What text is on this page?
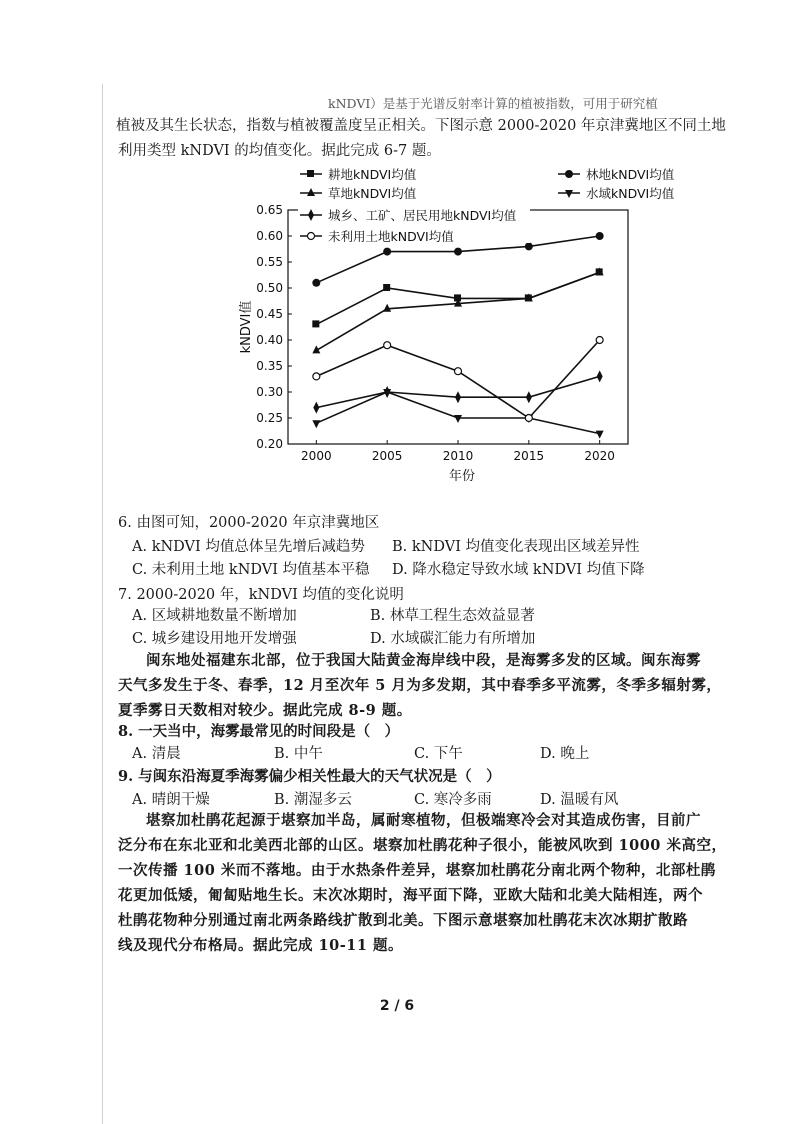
kNDVI）是基于光谱反射率计算的植被指数，可用于研究植
植被及其生长状态，指数与植被覆盖度呈正相关。下图示意 2000-2020 年京津冀地区不同土地
利用类型 kNDVI 的均值变化。据此完成 6-7 题。
0.20
0.25
0.30
0.35
0.40
0.45
0.50
0.55
0.60
0.65
2000	2005	2010	2015	2020
年份
kNDVI值
耕地kNDVI均值	林地kNDVI均值
草地kNDVI均值	水域kNDVI均值
城乡、工矿、居民用地kNDVI均值
未利用土地kNDVI均值
6. 由图可知，2000-2020 年京津冀地区
A. kNDVI 均值总体呈先增后减趋势 B. kNDVI 均值变化表现出区域差异性
C. 未利用土地 kNDVI 均值基本平稳 D. 降水稳定导致水域 kNDVI 均值下降
7. 2000-2020 年，kNDVI 均值的变化说明
A. 区域耕地数量不断增加	B. 林草工程生态效益显著
C. 城乡建设用地开发增强	D. 水域碳汇能力有所增加
闽东地处福建东北部，位于我国大陆黄金海岸线中段，是海雾多发的区域。闽东海雾
天气多发生于冬、春季，12 月至次年 5 月为多发期，其中春季多平流雾，冬季多辐射雾，
夏季雾日天数相对较少。据此完成 8-9 题。
8. 一天当中，海雾最常见的时间段是（　）
A. 清晨	B. 中午	C. 下午	D. 晚上
9. 与闽东沿海夏季海雾偏少相关性最大的天气状况是（　）
A. 晴朗干燥	B. 潮湿多云	C. 寒冷多雨	D. 温暖有风
堪察加杜鹃花起源于堪察加半岛，属耐寒植物，但极端寒冷会对其造成伤害，目前广
泛分布在东北亚和北美西北部的山区。堪察加杜鹃花种子很小，能被风吹到 1000 米高空，
一次传播 100 米而不落地。由于水热条件差异，堪察加杜鹃花分南北两个物种，北部杜鹃
花更加低矮，匍匐贴地生长。末次冰期时，海平面下降，亚欧大陆和北美大陆相连，两个
杜鹃花物种分别通过南北两条路线扩散到北美。下图示意堪察加杜鹃花末次冰期扩散路
线及现代分布格局。据此完成 10-11 题。
2 / 6
